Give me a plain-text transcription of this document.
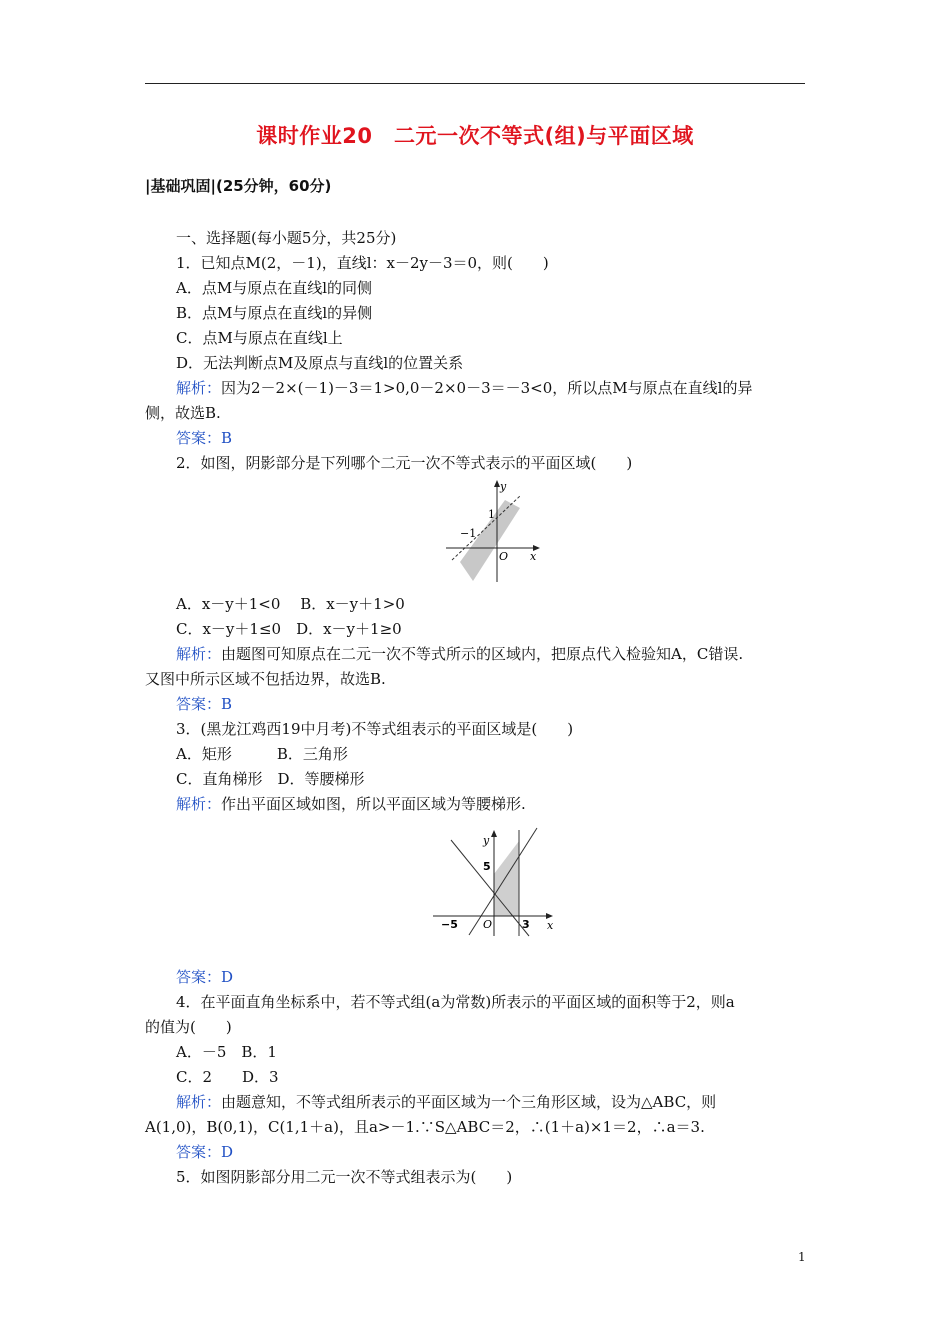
课时作业20　二元一次不等式(组)与平面区域
|基础巩固|(25分钟，60分)
一、选择题(每小题5分，共25分)
1．已知点M(2，－1)，直线l：x－2y－3＝0，则(　　)
A．点M与原点在直线l的同侧
B．点M与原点在直线l的异侧
C．点M与原点在直线l上
D．无法判断点M及原点与直线l的位置关系
解析：因为2－2×(－1)－3＝1>0,0－2×0－3＝－3<0，所以点M与原点在直线l的异
侧，故选B.
答案：B
2．如图，阴影部分是下列哪个二元一次不等式表示的平面区域(　　)
y
x
O
1
−1
A．x－y＋1<0　 B．x－y＋1>0
C．x－y＋1≤0　D．x－y＋1≥0
解析：由题图可知原点在二元一次不等式所示的区域内，把原点代入检验知A，C错误.
又图中所示区域不包括边界，故选B.
答案：B
3．(黑龙江鸡西19中月考)不等式组表示的平面区域是(　　)
A．矩形　　　B．三角形
C．直角梯形　D．等腰梯形
解析：作出平面区域如图，所以平面区域为等腰梯形.
y
x
O
5
−5	3
答案：D
4．在平面直角坐标系中，若不等式组(a为常数)所表示的平面区域的面积等于2，则a
的值为(　　)
A．－5　B．1
C．2　　D．3
解析：由题意知，不等式组所表示的平面区域为一个三角形区域，设为△ABC，则
A(1,0)，B(0,1)，C(1,1＋a)，且a>－1.∵S△ABC＝2，∴(1＋a)×1＝2，∴a＝3.
答案：D
5．如图阴影部分用二元一次不等式组表示为(　　)
1
